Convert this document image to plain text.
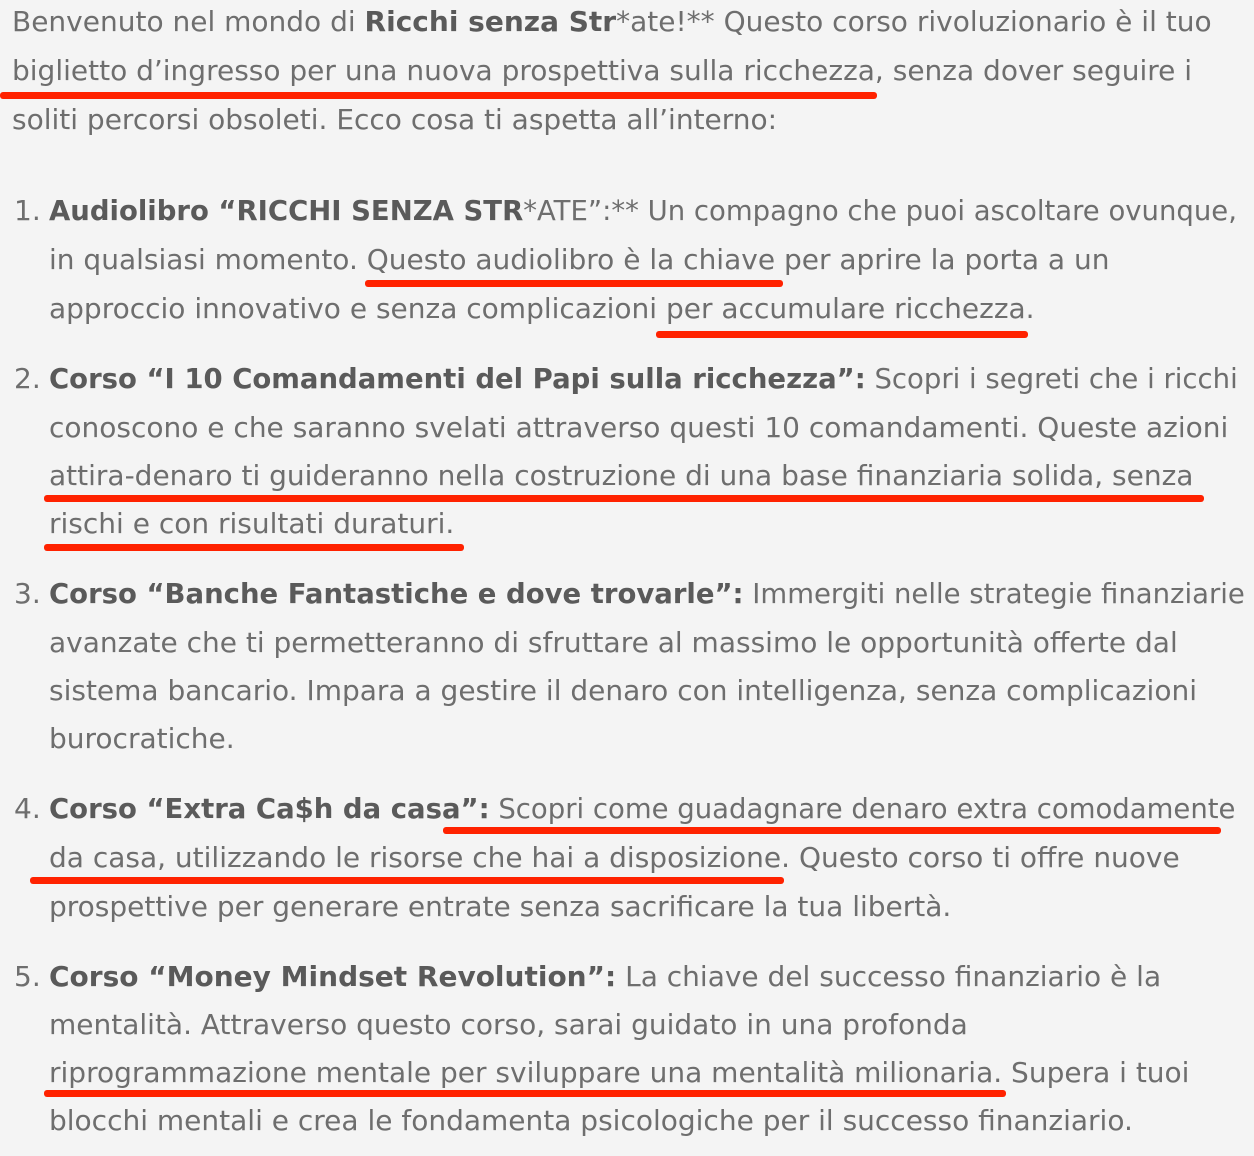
Benvenuto nel mondo di Ricchi senza Str*ate!** Questo corso rivoluzionario è il tuo
biglietto d’ingresso per una nuova prospettiva sulla ricchezza, senza dover seguire i
soliti percorsi obsoleti. Ecco cosa ti aspetta all’interno:
1. Audiolibro “RICCHI SENZA STR*ATE”:** Un compagno che puoi ascoltare ovunque,
in qualsiasi momento. Questo audiolibro è la chiave per aprire la porta a un
approccio innovativo e senza complicazioni per accumulare ricchezza.
2. Corso “I 10 Comandamenti del Papi sulla ricchezza”: Scopri i segreti che i ricchi
conoscono e che saranno svelati attraverso questi 10 comandamenti. Queste azioni
attira-denaro ti guideranno nella costruzione di una base finanziaria solida, senza
rischi e con risultati duraturi.
3. Corso “Banche Fantastiche e dove trovarle”: Immergiti nelle strategie finanziarie
avanzate che ti permetteranno di sfruttare al massimo le opportunità offerte dal
sistema bancario. Impara a gestire il denaro con intelligenza, senza complicazioni
burocratiche.
4. Corso “Extra Ca$h da casa”: Scopri come guadagnare denaro extra comodamente
da casa, utilizzando le risorse che hai a disposizione. Questo corso ti offre nuove
prospettive per generare entrate senza sacrificare la tua libertà.
5. Corso “Money Mindset Revolution”: La chiave del successo finanziario è la
mentalità. Attraverso questo corso, sarai guidato in una profonda
riprogrammazione mentale per sviluppare una mentalità milionaria. Supera i tuoi
blocchi mentali e crea le fondamenta psicologiche per il successo finanziario.
